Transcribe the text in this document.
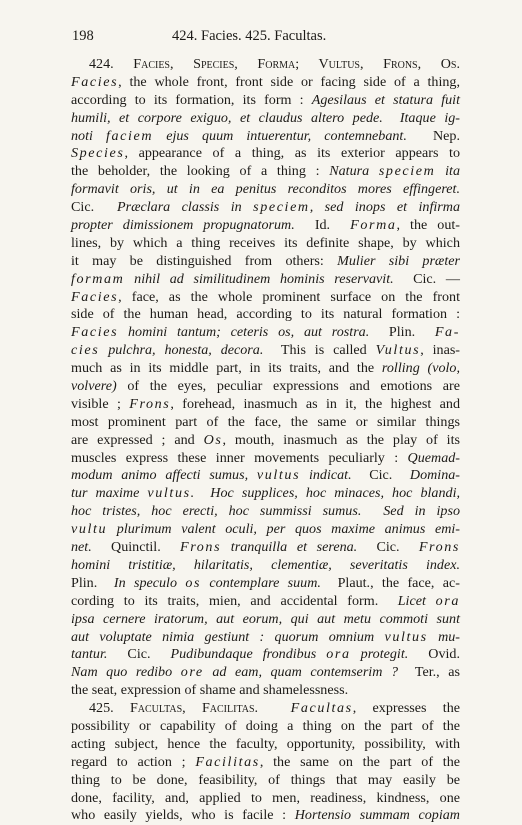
198	424. Facies. 425. Facultas.
424. Facies, Species, Forma; Vultus, Frons, Os.
Facies, the whole front, front side or facing side of a thing,
according to its formation, its form : Agesilaus et statura fuit
humili, et corpore exiguo, et claudus altero pede.  Itaque ig-
noti faciem ejus quum intuerentur, contemnebant.  Nep.
Species, appearance of a thing, as its exterior appears to
the beholder, the looking of a thing : Natura speciem ita
formavit oris, ut in ea penitus reconditos mores effingeret.
Cic.  Præclara classis in speciem, sed inops et infirma
propter dimissionem propugnatorum.  Id.  Forma, the out-
lines, by which a thing receives its definite shape, by which
it may be distinguished from others: Mulier sibi præter
formam nihil ad similitudinem hominis reservavit.  Cic. —
Facies, face, as the whole prominent surface on the front
side of the human head, according to its natural formation :
Facies homini tantum; ceteris os, aut rostra.  Plin.  Fa-
cies pulchra, honesta, decora.  This is called Vultus, inas-
much as in its middle part, in its traits, and the rolling (volo,
volvere) of the eyes, peculiar expressions and emotions are
visible ; Frons, forehead, inasmuch as in it, the highest and
most prominent part of the face, the same or similar things
are expressed ; and Os, mouth, inasmuch as the play of its
muscles express these inner movements peculiarly : Quemad-
modum animo affecti sumus, vultus indicat.  Cic.  Domina-
tur maxime vultus.  Hoc supplices, hoc minaces, hoc blandi,
hoc tristes, hoc erecti, hoc summissi sumus.  Sed in ipso
vultu plurimum valent oculi, per quos maxime animus emi-
net.  Quinctil.  Frons tranquilla et serena.  Cic.  Frons
homini tristitiæ, hilaritatis, clementiæ, severitatis index.
Plin.  In speculo os contemplare suum.  Plaut., the face, ac-
cording to its traits, mien, and accidental form.  Licet ora
ipsa cernere iratorum, aut eorum, qui aut metu commoti sunt
aut voluptate nimia gestiunt : quorum omnium vultus mu-
tantur.  Cic.  Pudibundaque frondibus ora protegit.  Ovid.
Nam quo redibo ore ad eam, quam contemserim ?  Ter., as
the seat, expression of shame and shamelessness.
425. Facultas, Facilitas. Facultas, expresses the
possibility or capability of doing a thing on the part of the
acting subject, hence the faculty, opportunity, possibility, with
regard to action ; Facilitas, the same on the part of the
thing to be done, feasibility, of things that may easily be
done, facility, and, applied to men, readiness, kindness, one
who easily yields, who is facile : Hortensio summam copiam
